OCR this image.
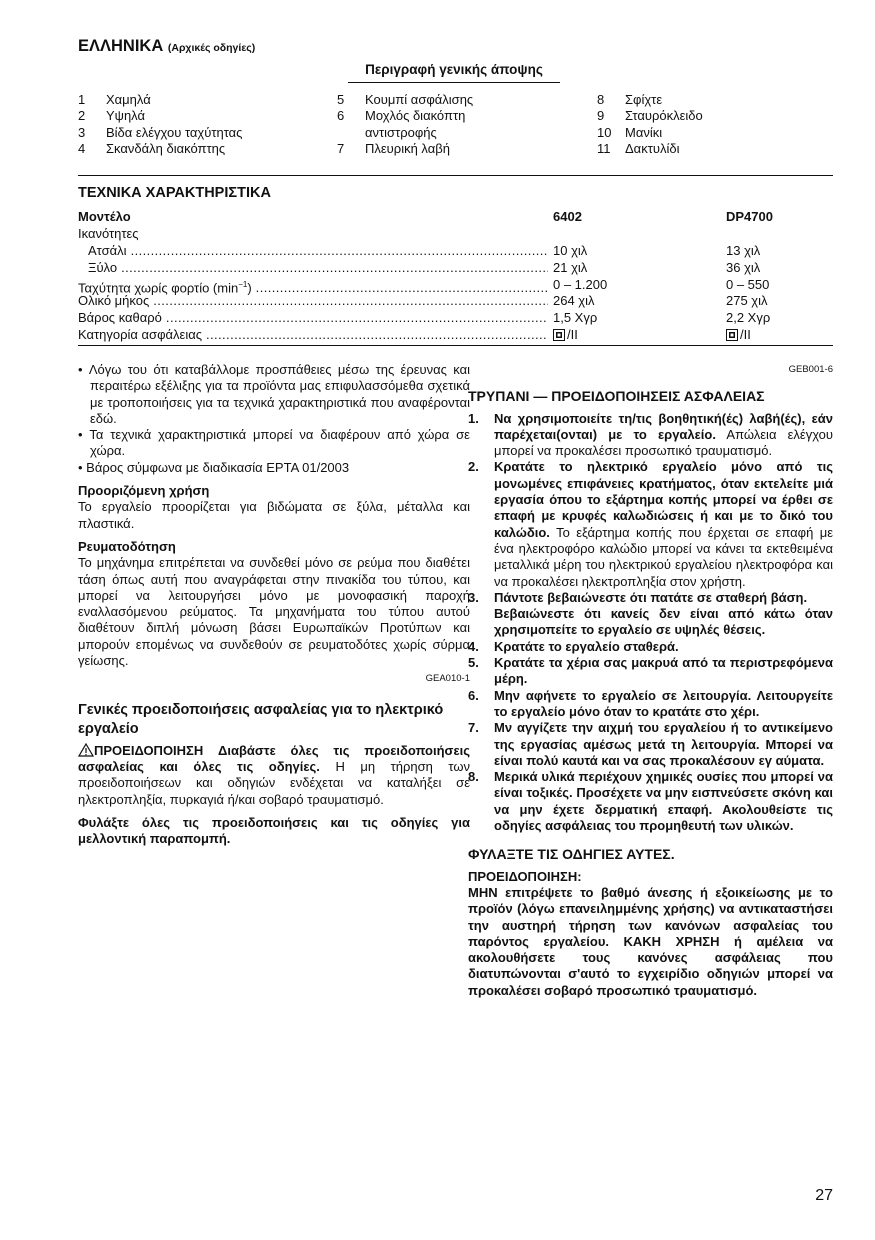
ΕΛΛΗΝΙΚΑ (Αρχικές οδηγίες)
Περιγραφή γενικής άποψης
1	Χαμηλά
2	Υψηλά
3	Βίδα ελέγχου ταχύτητας
4	Σκανδάλη διακόπτης
5	Κουμπί ασφάλισης
6	Μοχλός διακόπτη
αντιστροφής
7	Πλευρική λαβή
8	Σφίχτε
9	Σταυρόκλειδο
10	Μανίκι
11	Δακτυλίδι
ΤΕΧΝΙΚΑ ΧΑΡΑΚΤΗΡΙΣΤΙΚΑ
Μοντέλο	6402	DP4700
Ικανότητες
Ατσάλι .....	10 χιλ	13 χιλ
Ξύλο .....	21 χιλ	36 χιλ
Ταχύτητα χωρίς φορτίο $(\min^{-1})$ .....	0 – 1.200	0 – 550
Ολικό μήκος .....	264 χιλ	275 χιλ
Βάρος καθαρό .....	1,5 Χγρ	2,2 Χγρ
Κατηγορία ασφάλειας .....	/II	/II
• Λόγω του ότι καταβάλλομε προσπάθειες μέσω της έρευνας και περαιτέρω εξέλιξης για τα προϊόντα μας επιφυλασσόμεθα σχετικά με τροποποιήσεις για τα τεχνικά χαρακτηριστικά που αναφέρονται εδώ.
• Τα τεχνικά χαρακτηριστικά μπορεί να διαφέρουν από χώρα σε χώρα.
• Βάρος σύμφωνα με διαδικασία EPTA 01/2003
Προοριζόμενη χρήση
Το εργαλείο προορίζεται για βιδώματα σε ξύλα, μέταλλα και πλαστικά.
Ρευματοδότηση
Το μηχάνημα επιτρέπεται να συνδεθεί μόνο σε ρεύμα που διαθέτει τάση όπως αυτή που αναγράφεται στην πινακίδα του τύπου, και μπορεί να λειτουργήσει μόνο με μονοφασική παροχή εναλλασόμενου ρεύματος. Τα μηχανήματα του τύπου αυτού διαθέτουν διπλή μόνωση βάσει Ευρωπαϊκών Προτύπων και μπορούν επομένως να συνδεθούν σε ρευματοδότες χωρίς σύρμα γείωσης.
GEA010-1
Γενικές προειδοποιήσεις ασφαλείας για το ηλεκτρικό εργαλείο
ΠΡΟΕΙΔΟΠΟΙΗΣΗ Διαβάστε όλες τις προειδοποιήσεις ασφαλείας και όλες τις οδηγίες. Η μη τήρηση των προειδοποιήσεων και οδηγιών ενδέχεται να καταλήξει σε ηλεκτροπληξία, πυρκαγιά ή/και σοβαρό τραυματισμό.
Φυλάξτε όλες τις προειδοποιήσεις και τις οδηγίες για μελλοντική παραπομπή.
GEB001-6
ΤΡΥΠΑΝΙ — ΠΡΟΕΙΔΟΠΟΙΗΣΕΙΣ ΑΣΦΑΛΕΙΑΣ
1.	Να χρησιμοποιείτε τη/τις βοηθητική(ές) λαβή(ές), εάν παρέχεται(ονται) με το εργαλείο. Απώλεια ελέγχου μπορεί να προκαλέσει προσωπικό τραυματισμό.
2.	Κρατάτε το ηλεκτρικό εργαλείο μόνο από τις μονωμένες επιφάνειες κρατήματος, όταν εκτελείτε μιά εργασία όπου το εξάρτημα κοπής μπορεί να έρθει σε επαφή με κρυφές καλωδιώσεις ή και με το δικό του καλώδιο. Το εξάρτημα κοπής που έρχεται σε επαφή με ένα ηλεκτροφόρο καλώδιο μπορεί να κάνει τα εκτεθειμένα μεταλλικά μέρη του ηλεκτρικού εργαλείου ηλεκτροφόρα και να προκαλέσει ηλεκτροπληξία στον χρήστη.
3.	Πάντοτε βεβαιώνεστε ότι πατάτε σε σταθερή βάση.
Βεβαιώνεστε ότι κανείς δεν είναι από κάτω όταν χρησιμοπείτε το εργαλείο σε υψηλές θέσεις.
4.	Κρατάτε το εργαλείο σταθερά.
5.	Κρατάτε τα χέρια σας μακρυά από τα περιστρεφόμενα μέρη.
6.	Μην αφήνετε το εργαλείο σε λειτουργία. Λειτουργείτε το εργαλείο μόνο όταν το κρατάτε στο χέρι.
7.	Μν αγγίζετε την αιχμή του εργαλείου ή το αντικείμενο της εργασίας αμέσως μετά τη λειτουργία. Μπορεί να είναι πολύ καυτά και να σας προκαλέσουν εγ αύματα.
8.	Μερικά υλικά περιέχουν χημικές ουσίες που μπορεί να είναι τοξικές. Προσέχετε να μην εισπνεύσετε σκόνη και να μην έχετε δερματική επαφή. Ακολουθείστε τις οδηγίες ασφάλειας του προμηθευτή των υλικών.
ΦΥΛΑΞΤΕ ΤΙΣ ΟΔΗΓΙΕΣ ΑΥΤΕΣ.
ΠΡΟΕΙΔΟΠΟΙΗΣΗ:
ΜΗΝ επιτρέψετε το βαθμό άνεσης ή εξοικείωσης με το προϊόν (λόγω επανειλημμένης χρήσης) να αντικαταστήσει την αυστηρή τήρηση των κανόνων ασφαλείας του παρόντος εργαλείου. ΚΑΚΗ ΧΡΗΣΗ ή αμέλεια να ακολουθήσετε τους κανόνες ασφάλειας που διατυπώνονται σ'αυτό το εγχειρίδιο οδηγιών μπορεί να προκαλέσει σοβαρό προσωπικό τραυματισμό.
27
